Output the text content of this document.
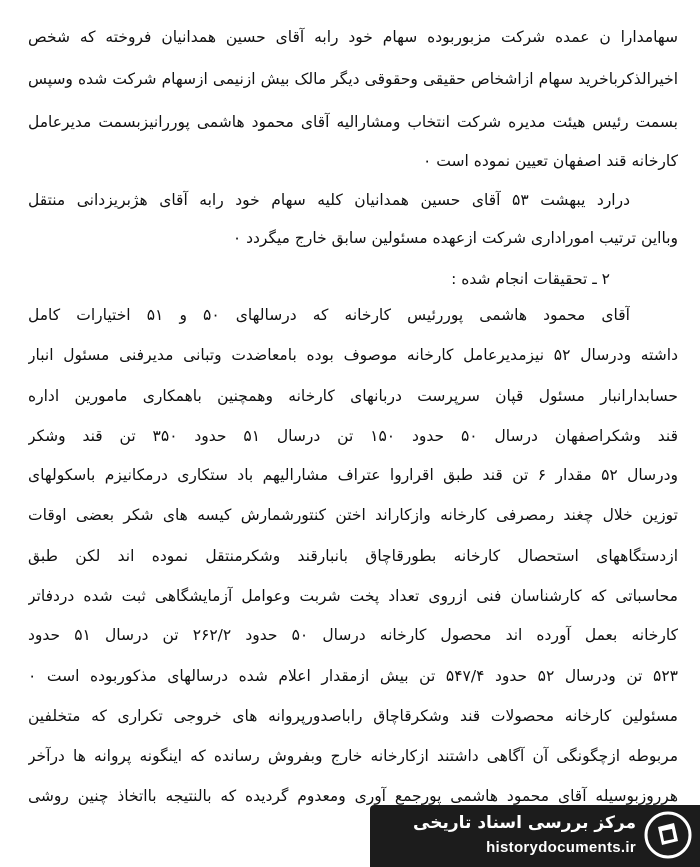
سهامدارا ن عمده شرکت مزبوربوده سهام خود رابه آقای حسین همدانیان فروخته که شخص
اخیرالذکرباخرید سهام ازاشخاص حقیقی وحقوقی دیگر مالک بیش ازنیمی ازسهام شرکت شده وسپس
بسمت رئیس هیئت مدیره شرکت انتخاب ومشارالیه آقای محمود هاشمی پوررانیزبسمت مدیرعامل
کارخانه قند اصفهان تعیین نموده است ۰
درارد یبهشت ۵۳ آقای حسین همدانیان کلیه سهام خود رابه آقای هژبریزدانی منتقل
وبااین ترتیب اموراداری شرکت ازعهده مسئولین سابق خارج میگردد ۰
۲ ـ تحقیقات انجام شده :
آقای محمود هاشمی پوررئیس کارخانه که درسالهای ۵۰ و ۵۱ اختیارات کامل
داشته ودرسال ۵۲ نیزمدیرعامل کارخانه موصوف بوده بامعاضدت وتبانی مدیرفنی مسئول انبار
حسابدارانبار مسئول قپان سرپرست دربانهای کارخانه وهمچنین باهمکاری مامورین اداره
قند وشکراصفهان درسال ۵۰ حدود ۱۵۰ تن درسال ۵۱ حدود ۳۵۰ تن قند وشکر
ودرسال ۵۲ مقدار ۶ تن قند طبق اقراروا عتراف مشارالیهم باد ستکاری درمکانیزم باسکولهای
توزین خلال چغند رمصرفی کارخانه وازکاراند اختن کنتورشمارش کیسه های شکر بعضی اوقات
ازدستگاههای استحصال کارخانه بطورقاچاق بانبارقند وشکرمنتقل نموده اند لکن طبق
محاسباتی که کارشناسان فنی ازروی تعداد پخت شربت وعوامل آزمایشگاهی ثبت شده دردفاتر
کارخانه بعمل آورده اند محصول کارخانه درسال ۵۰ حدود ۲۶۲/۲ تن درسال ۵۱ حدود
۵۲۳ تن ودرسال ۵۲ حدود ۵۴۷/۴ تن بیش ازمقدار اعلام شده درسالهای مذکوربوده است ۰
مسئولین کارخانه محصولات قند وشکرقاچاق راباصدورپروانه های خروجی تکراری که متخلفین
مربوطه ازچگونگی آن آگاهی داشتند ازکارخانه خارج وبفروش رسانده که اینگونه پروانه ها درآخر
هرروزبوسیله آقای محمود هاشمی پورجمع آوری ومعدوم گردیده که بالنتیجه بااتخاذ چنین روشی
مرکز بررسی اسناد تاریخی
historydocuments.ir
